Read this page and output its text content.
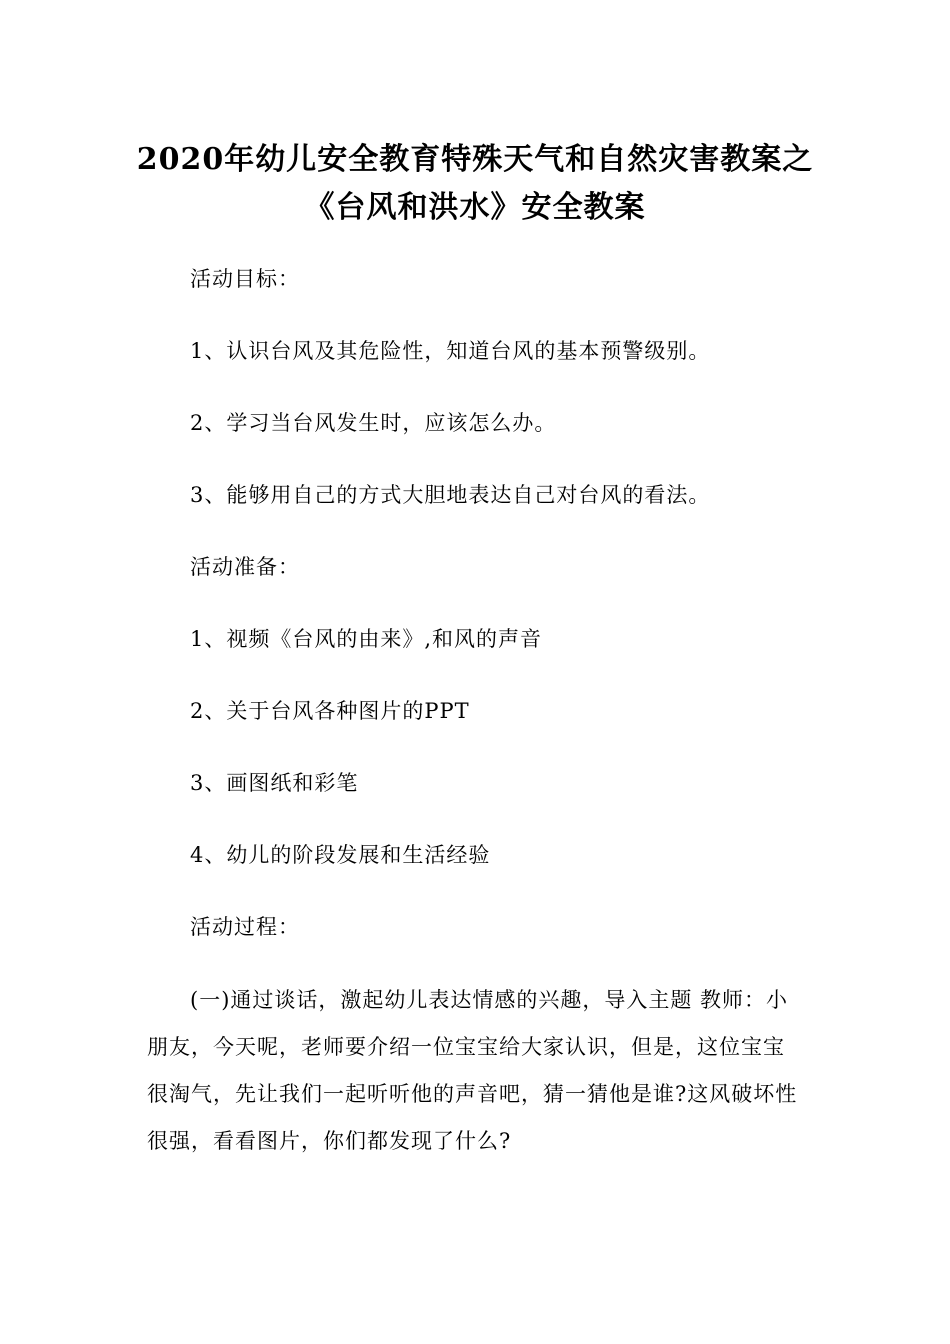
2020年幼儿安全教育特殊天气和自然灾害教案之
《台风和洪水》安全教案
活动目标：
1、认识台风及其危险性，知道台风的基本预警级别。
2、学习当台风发生时，应该怎么办。
3、能够用自己的方式大胆地表达自己对台风的看法。
活动准备：
1、视频《台风的由来》,和风的声音
2、关于台风各种图片的PPT
3、画图纸和彩笔
4、幼儿的阶段发展和生活经验
活动过程：
(一)通过谈话，激起幼儿表达情感的兴趣，导入主题 教师：小
朋友，今天呢，老师要介绍一位宝宝给大家认识，但是，这位宝宝
很淘气，先让我们一起听听他的声音吧，猜一猜他是谁?这风破坏性
很强，看看图片，你们都发现了什么?
